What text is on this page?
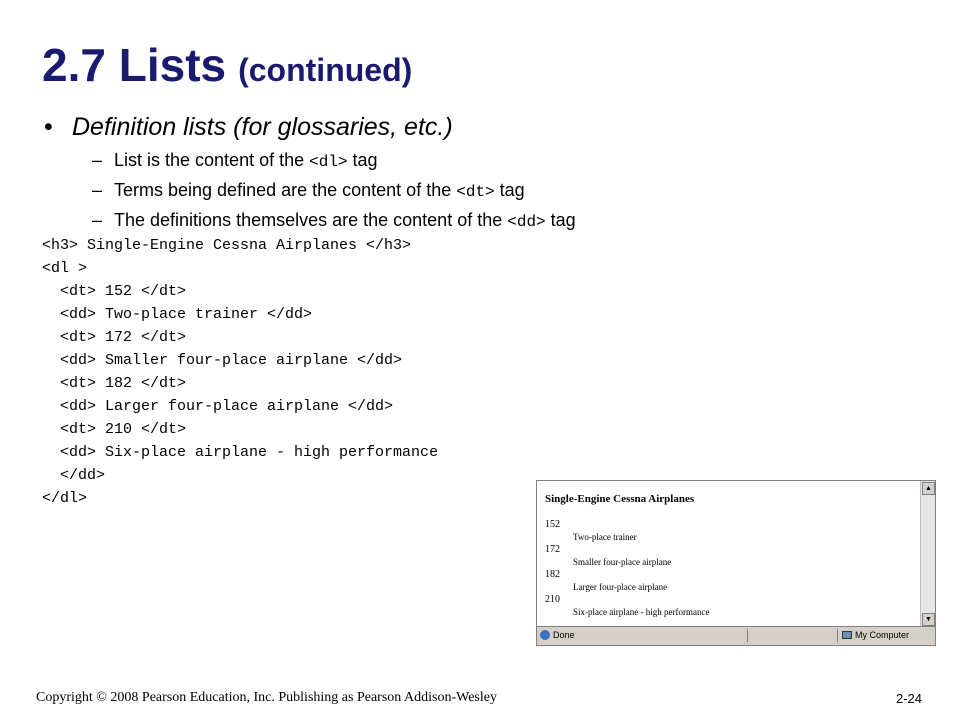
2.7 Lists (continued)
• Definition lists (for glossaries, etc.)
– List is the content of the <dl> tag
– Terms being defined are the content of the <dt> tag
– The definitions themselves are the content of the <dd> tag
<h3> Single-Engine Cessna Airplanes </h3>
<dl >
<dt> 152 </dt>
<dd> Two-place trainer </dd>
<dt> 172 </dt>
<dd> Smaller four-place airplane </dd>
<dt> 182 </dt>
<dd> Larger four-place airplane </dd>
<dt> 210 </dt>
<dd> Six-place airplane - high performance
</dd>
</dl>	Single-Engine Cessna Airplanes
152
Two-place trainer
172
Smaller four-place airplane
182
Larger four-place airplane
210
Six-place airplane - high performance
▲
▼
Done	My Computer
Copyright © 2008 Pearson Education, Inc. Publishing as Pearson Addison-Wesley	2-24
